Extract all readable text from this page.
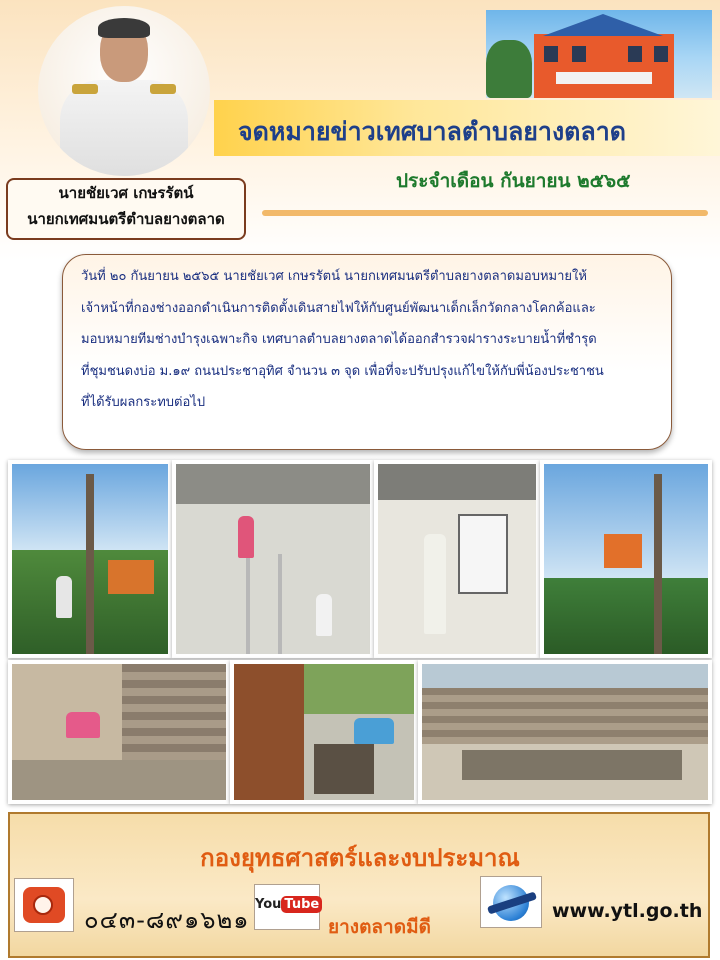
นายชัยเวศ เกษรรัตน์
นายกเทศมนตรีตำบลยางตลาด
จดหมายข่าวเทศบาลตำบลยางตลาด
ประจำเดือน กันยายน ๒๕๖๕
วันที่ ๒๐ กันยายน ๒๕๖๕ นายชัยเวศ เกษรรัตน์ นายกเทศมนตรีตำบลยางตลาดมอบหมายให้
เจ้าหน้าที่กองช่างออกดำเนินการติดตั้งเดินสายไฟให้กับศูนย์พัฒนาเด็กเล็กวัดกลางโคกค้อและ
มอบหมายทีมช่างบำรุงเฉพาะกิจ เทศบาลตำบลยางตลาดได้ออกสำรวจฝารางระบายน้ำที่ชำรุด
ที่ชุมชนดงบ่อ ม.๑๙ ถนนประชาอุทิศ จำนวน ๓ จุด เพื่อที่จะปรับปรุงแก้ไขให้กับพี่น้องประชาชน
ที่ได้รับผลกระทบต่อไป
กองยุทธศาสตร์และงบประมาณ
๐๔๓-๘๙๑๖๒๑
You Tube
ยางตลาดมีดี
www.ytl.go.th
